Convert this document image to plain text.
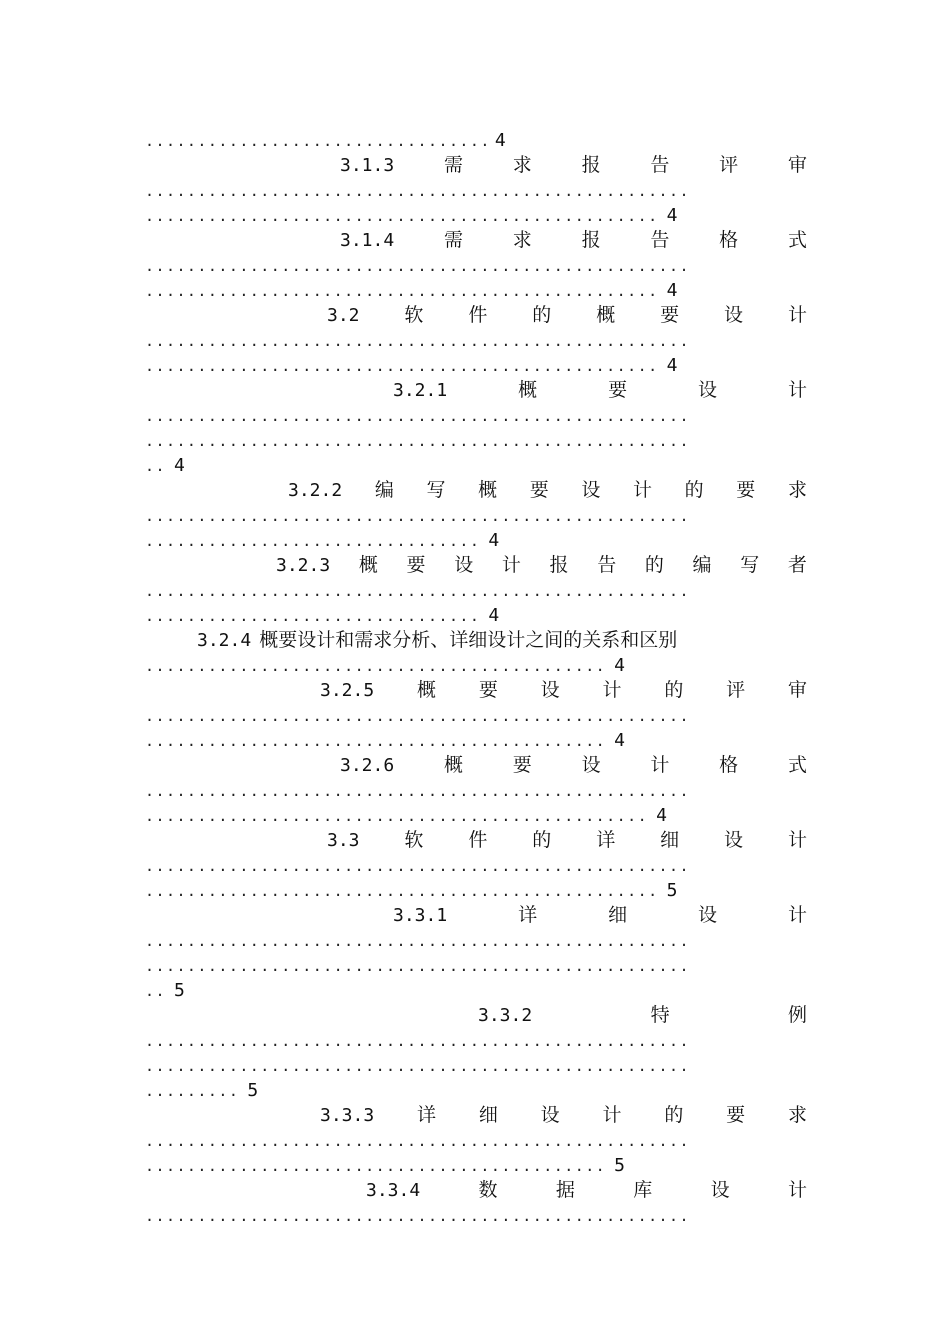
................................. 4
3.1.3	需	求	报	告	评	审
....................................................
................................................. 4
3.1.4	需	求	报	告	格	式
....................................................
................................................. 4
3.2 软 件 的 概 要 设 计
....................................................
................................................. 4
3.2.1	概	要	设	计
....................................................
....................................................
.. 4
3.2.2 编 写 概 要 设 计 的 要 求
....................................................
................................ 4
3.2.3 概 要 设 计 报 告 的 编 写 者
....................................................
................................ 4
3.2.4 概要设计和需求分析、详细设计之间的关系和区别
............................................ 4
3.2.5 概 要 设 计 的 评 审
....................................................
............................................ 4
3.2.6	概	要	设	计	格	式
....................................................
................................................ 4
3.3 软 件 的 详 细 设 计
....................................................
................................................. 5
3.3.1	详	细	设	计
....................................................
....................................................
.. 5
3.3.2	特	例
....................................................
....................................................
......... 5
3.3.3 详 细 设 计 的 要 求
....................................................
............................................ 5
3.3.4	数	据	库	设	计
....................................................
